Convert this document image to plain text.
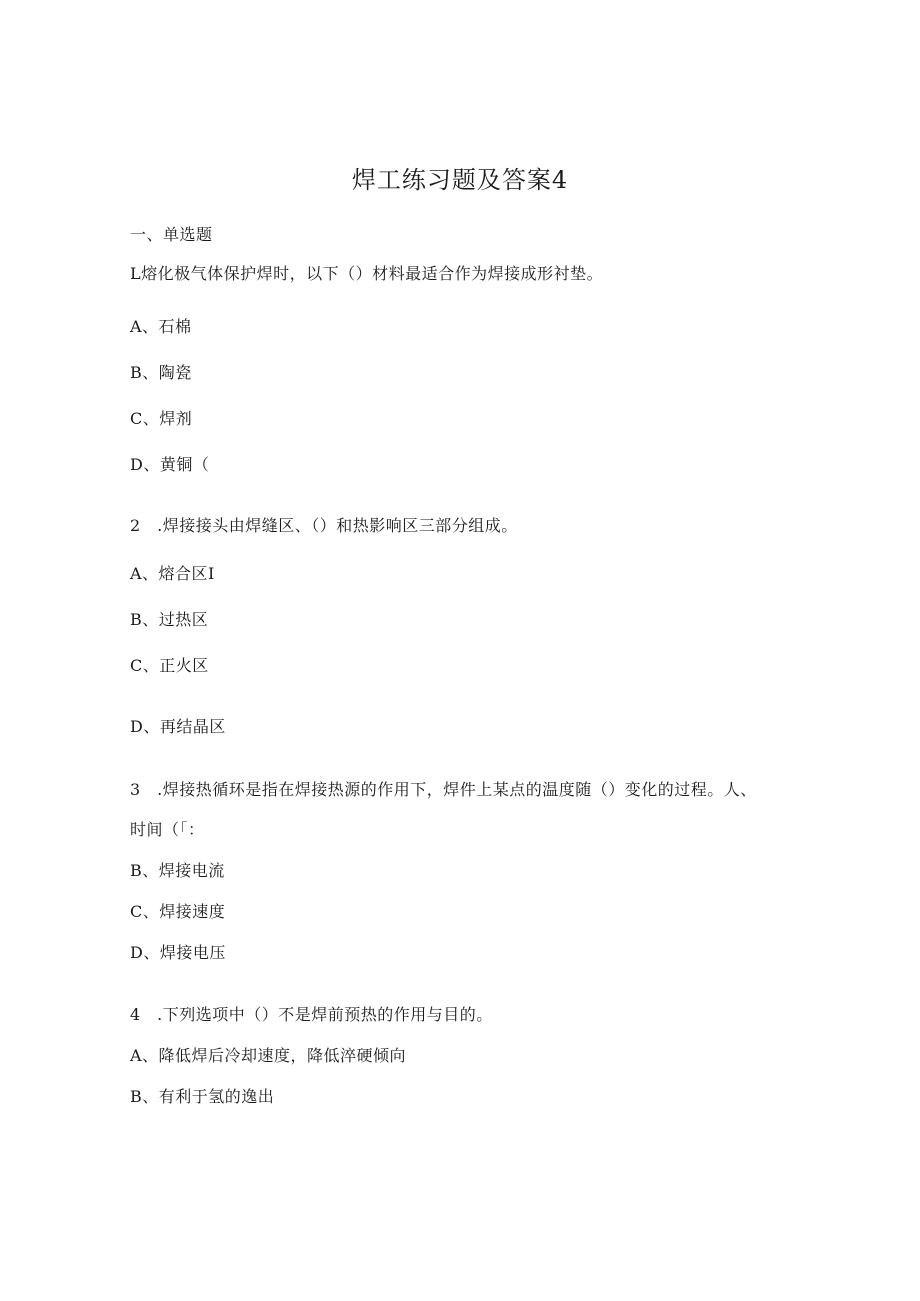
焊工练习题及答案4
一、单选题
L熔化极气体保护焊时，以下（）材料最适合作为焊接成形衬垫。
A、石棉
B、陶瓷
C、焊剂
D、黄铜（
2　.焊接接头由焊缝区、（）和热影响区三部分组成。
A、熔合区I
B、过热区
C、正火区
D、再结晶区
3　.焊接热循环是指在焊接热源的作用下，焊件上某点的温度随（）变化的过程。人、
时间（「：
B、焊接电流
C、焊接速度
D、焊接电压
4　.下列选项中（）不是焊前预热的作用与目的。
A、降低焊后冷却速度，降低淬硬倾向
B、有利于氢的逸出
